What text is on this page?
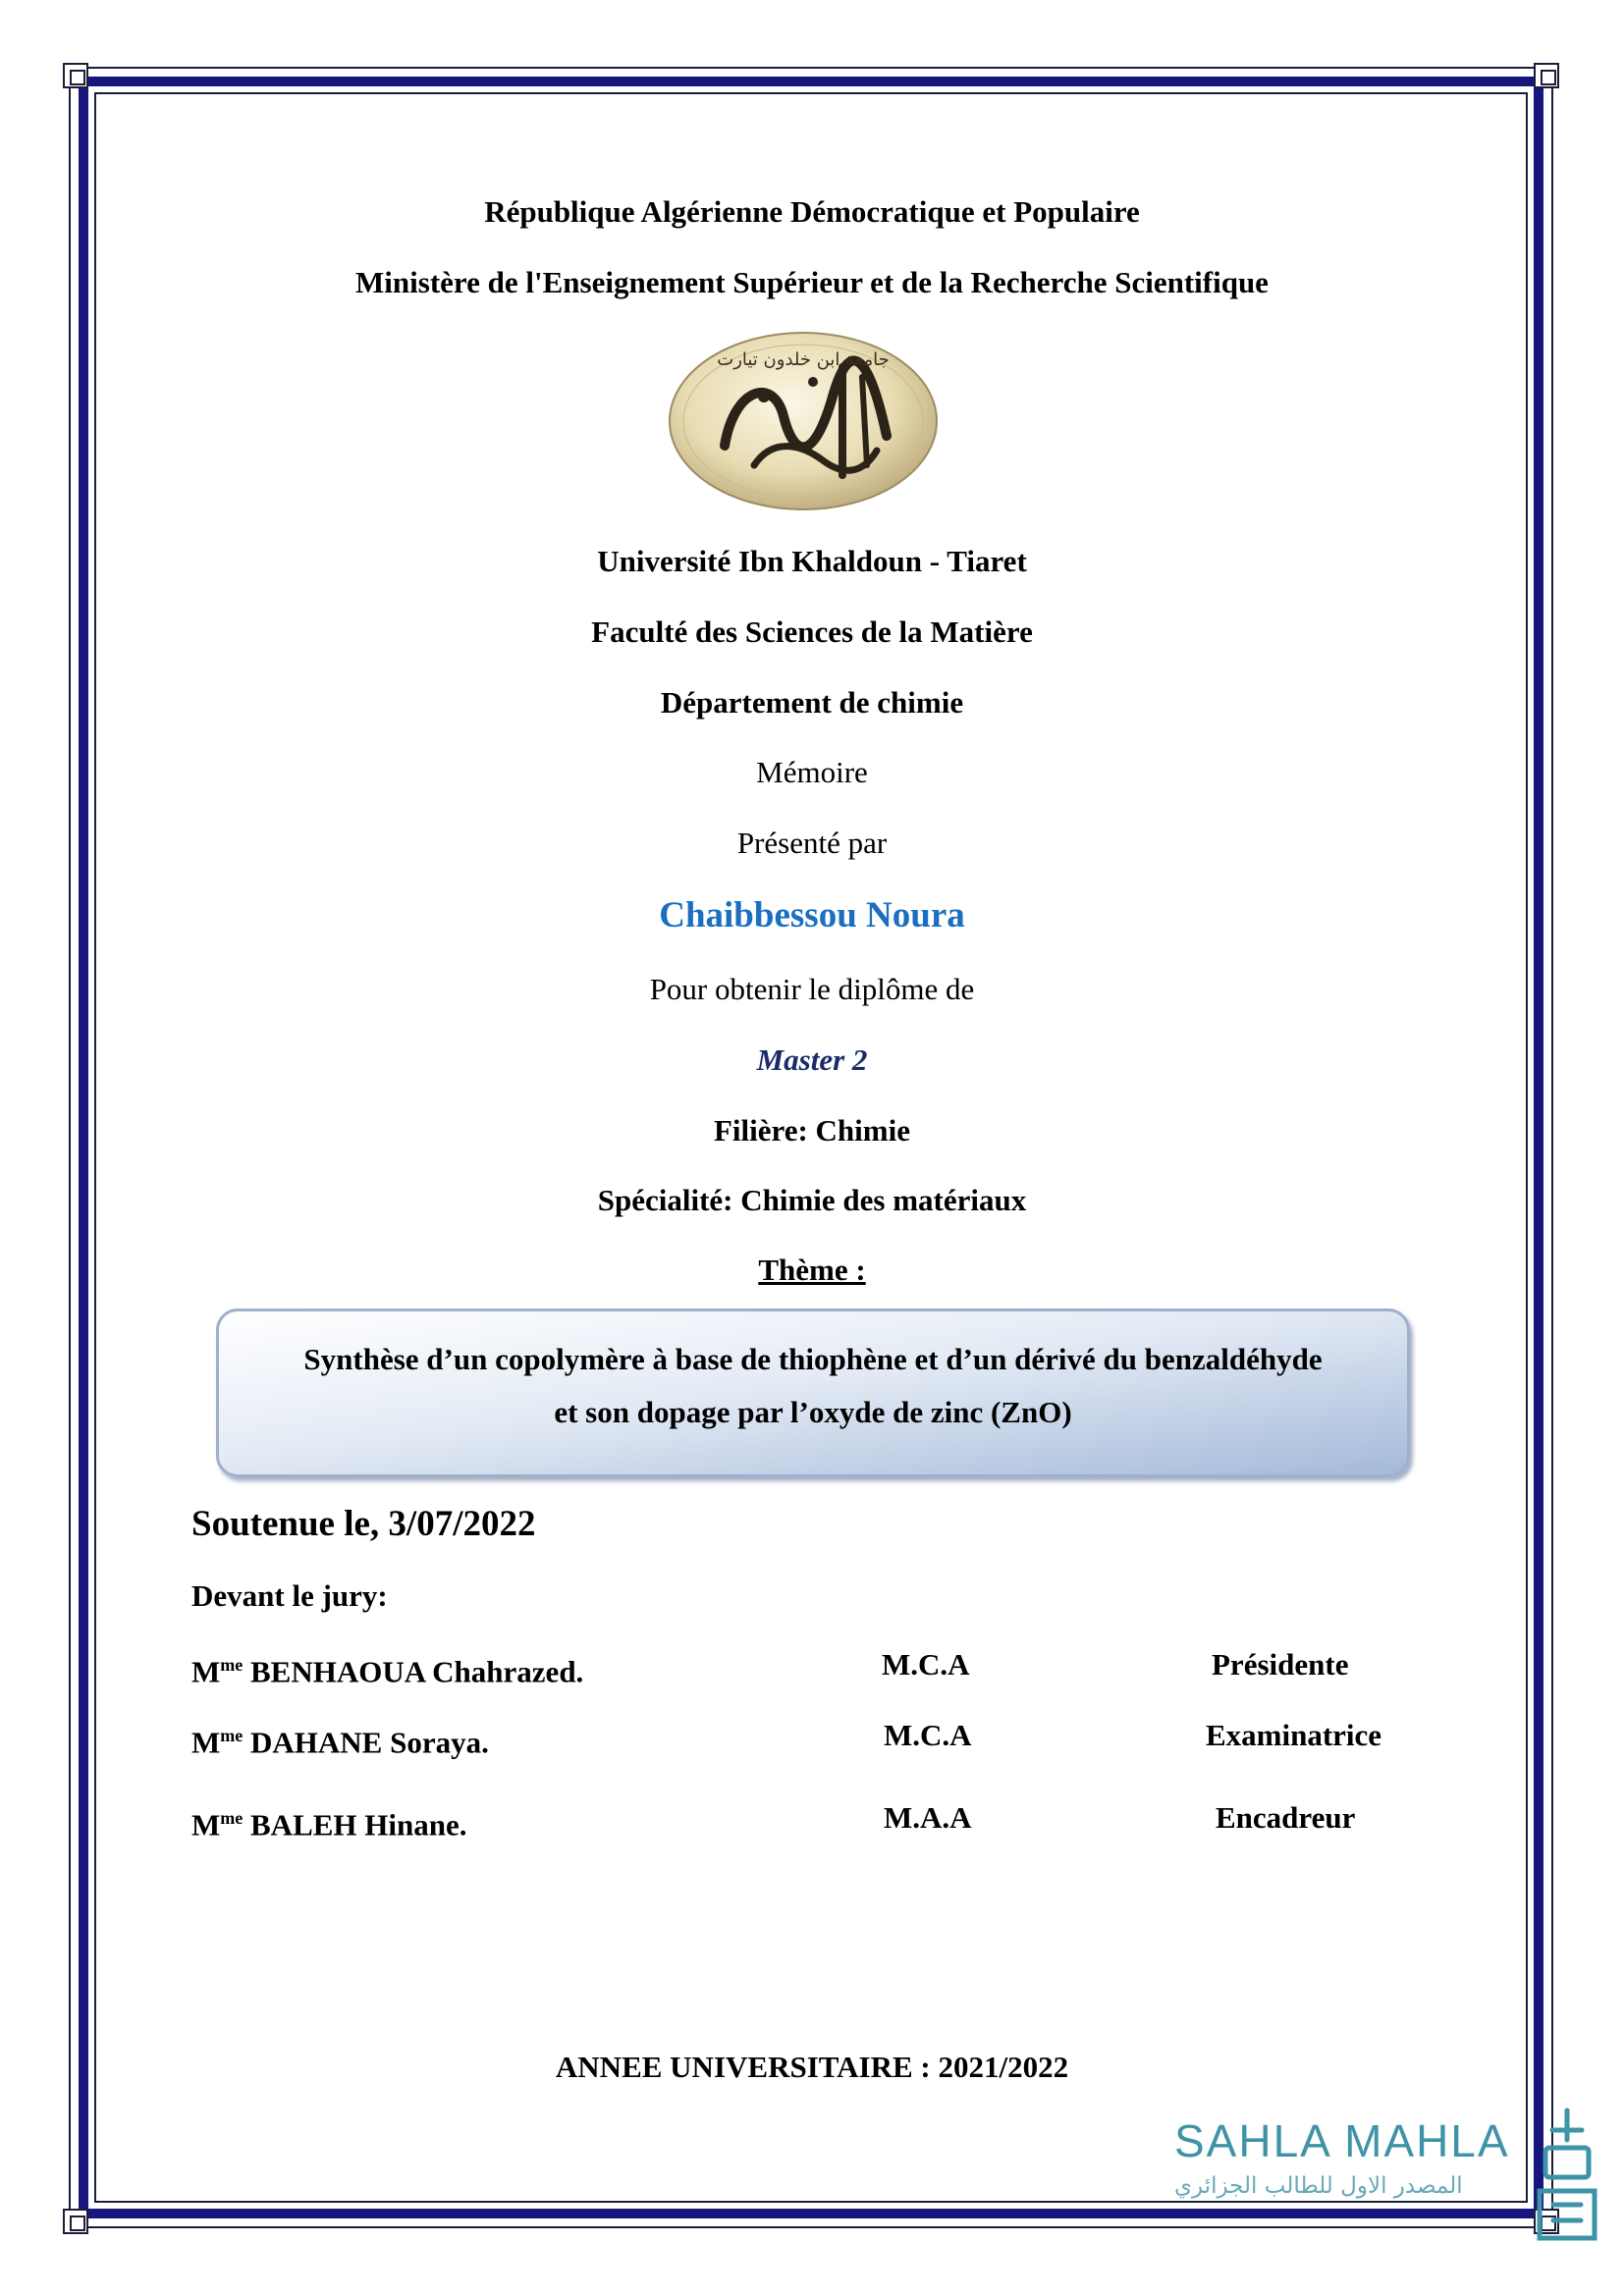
République Algérienne Démocratique et Populaire
Ministère de l'Enseignement Supérieur et de la Recherche Scientifique
جامعة ابن خلدون تيارت
Université Ibn Khaldoun - Tiaret
Faculté des Sciences de la Matière
Département de chimie
Mémoire
Présenté par
Chaibbessou Noura
Pour obtenir le diplôme de
Master 2
Filière: Chimie
Spécialité: Chimie des matériaux
Thème :
Synthèse d’un copolymère à base de thiophène et d’un dérivé du benzaldéhyde
et son dopage par l’oxyde de zinc (ZnO)
Soutenue le, 3/07/2022
Devant le jury:
$M^{me}$ BENHAOUA Chahrazed.	M.C.A	Présidente
$M^{me}$ DAHANE Soraya.	M.C.A	Examinatrice
$M^{me}$ BALEH Hinane.	M.A.A	Encadreur
ANNEE UNIVERSITAIRE : 2021/2022
SAHLA MAHLA
المصدر الاول للطالب الجزائري
